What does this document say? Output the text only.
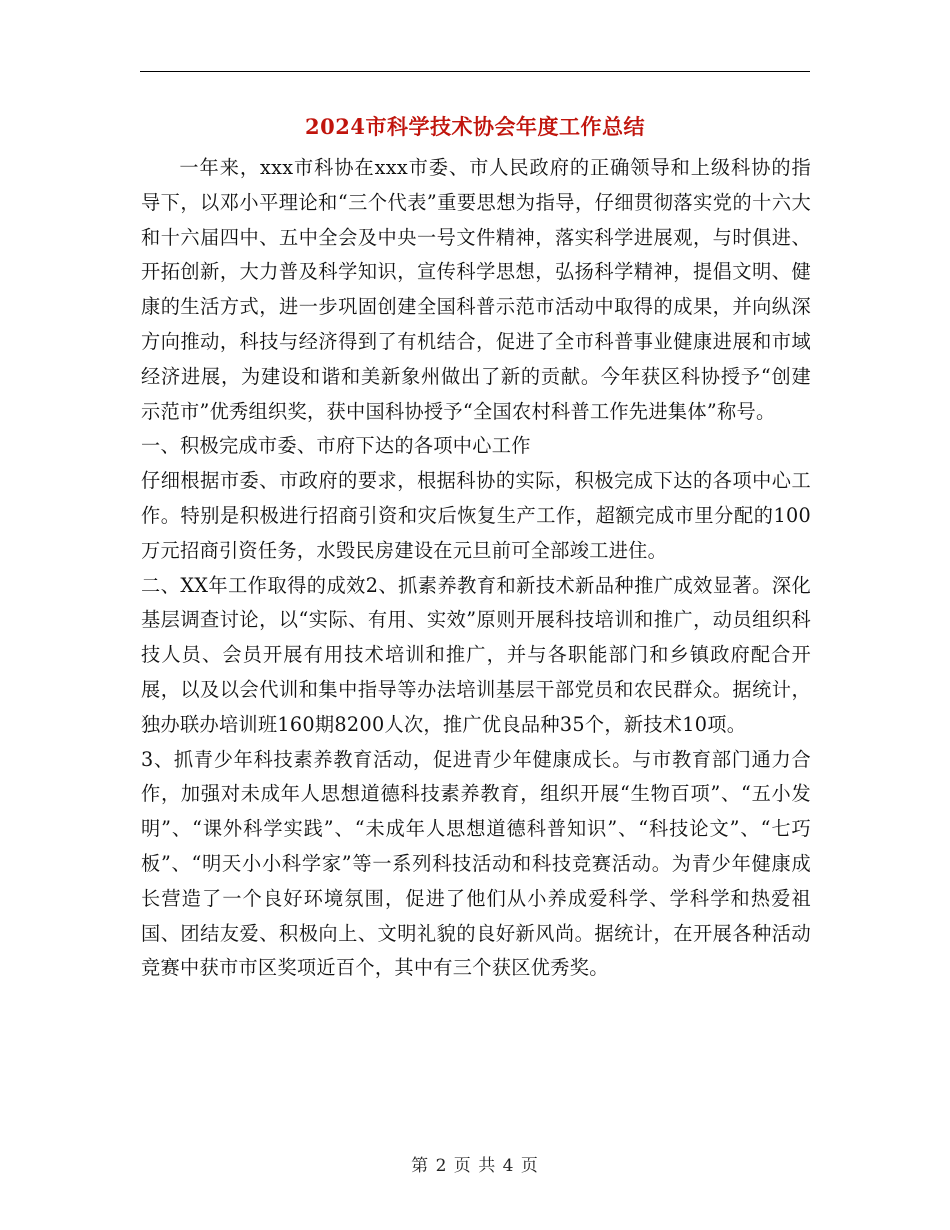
2024市科学技术协会年度工作总结

一年来，xxx市科协在xxx市委、市人民政府的正确领导和上级科协的指导下，以邓小平理论和“三个代表”重要思想为指导，仔细贯彻落实党的十六大和十六届四中、五中全会及中央一号文件精神，落实科学进展观，与时俱进、开拓创新，大力普及科学知识，宣传科学思想，弘扬科学精神，提倡文明、健康的生活方式，进一步巩固创建全国科普示范市活动中取得的成果，并向纵深方向推动，科技与经济得到了有机结合，促进了全市科普事业健康进展和市域经济进展，为建设和谐和美新象州做出了新的贡献。今年获区科协授予“创建示范市”优秀组织奖，获中国科协授予“全国农村科普工作先进集体”称号。

一、积极完成市委、市府下达的各项中心工作

仔细根据市委、市政府的要求，根据科协的实际，积极完成下达的各项中心工作。特别是积极进行招商引资和灾后恢复生产工作，超额完成市里分配的100万元招商引资任务，水毁民房建设在元旦前可全部竣工进住。

二、XX年工作取得的成效2、抓素养教育和新技术新品种推广成效显著。深化基层调查讨论，以“实际、有用、实效”原则开展科技培训和推广，动员组织科技人员、会员开展有用技术培训和推广，并与各职能部门和乡镇政府配合开展，以及以会代训和集中指导等办法培训基层干部党员和农民群众。据统计，独办联办培训班160期8200人次，推广优良品种35个，新技术10项。

3、抓青少年科技素养教育活动，促进青少年健康成长。与市教育部门通力合作，加强对未成年人思想道德科技素养教育，组织开展“生物百项”、“五小发明”、“课外科学实践”、“未成年人思想道德科普知识”、“科技论文”、“七巧板”、“明天小小科学家”等一系列科技活动和科技竞赛活动。为青少年健康成长营造了一个良好环境氛围，促进了他们从小养成爱科学、学科学和热爱祖国、团结友爱、积极向上、文明礼貌的良好新风尚。据统计，在开展各种活动竞赛中获市市区奖项近百个，其中有三个获区优秀奖。

第 2 页 共 4 页
